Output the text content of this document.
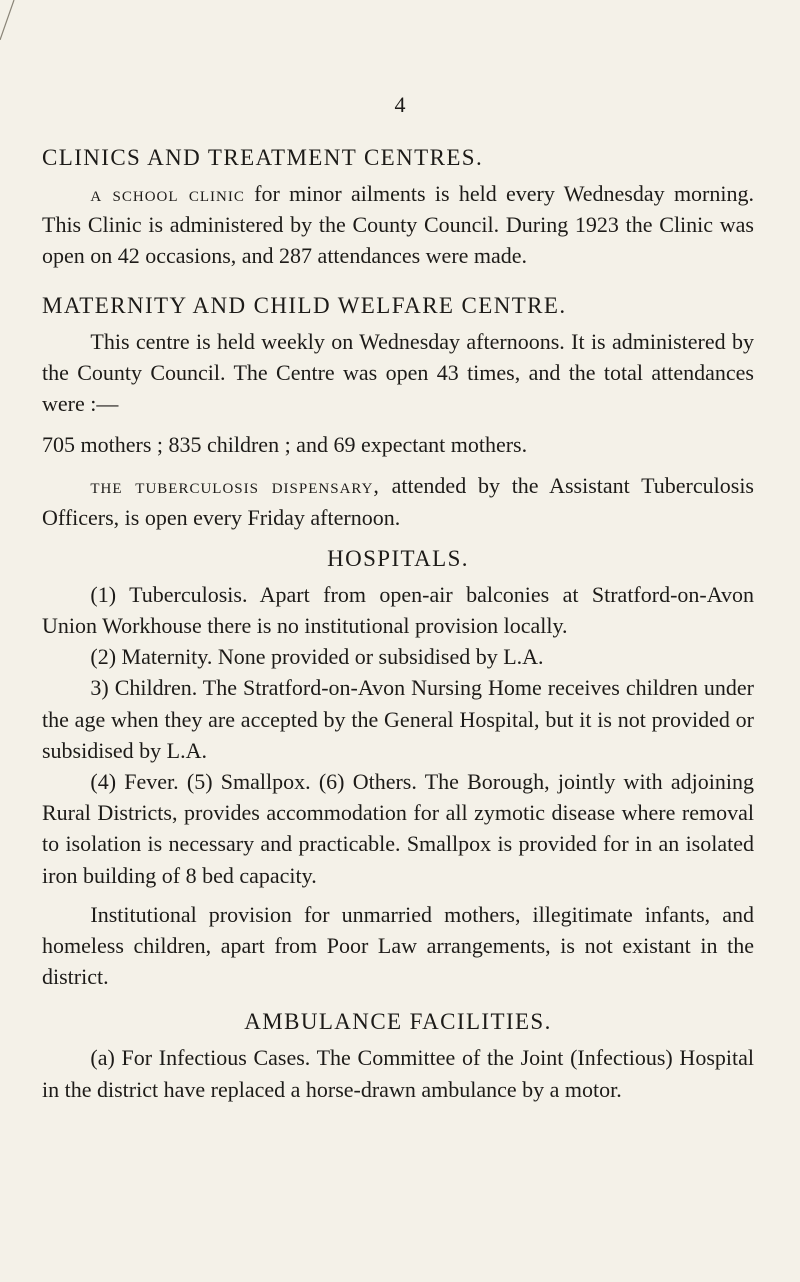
4
CLINICS AND TREATMENT CENTRES.

a school clinic for minor ailments is held every Wednesday morning. This Clinic is administered by the County Council. During 1923 the Clinic was open on 42 occasions, and 287 attendances were made.

MATERNITY AND CHILD WELFARE CENTRE.

This centre is held weekly on Wednesday afternoons. It is administered by the County Council. The Centre was open 43 times, and the total attendances were :—

705 mothers ; 835 children ; and 69 expectant mothers.

the tuberculosis dispensary, attended by the Assistant Tuberculosis Officers, is open every Friday afternoon.

HOSPITALS.

(1) Tuberculosis. Apart from open-air balconies at Stratford-on-Avon Union Workhouse there is no institutional provision locally.

(2) Maternity. None provided or subsidised by L.A.

3) Children. The Stratford-on-Avon Nursing Home receives children under the age when they are accepted by the General Hospital, but it is not provided or subsidised by L.A.

(4) Fever. (5) Smallpox. (6) Others. The Borough, jointly with adjoining Rural Districts, provides accommodation for all zymotic disease where removal to isolation is necessary and practicable. Smallpox is provided for in an isolated iron building of 8 bed capacity.

Institutional provision for unmarried mothers, illegitimate infants, and homeless children, apart from Poor Law arrangements, is not existant in the district.

AMBULANCE FACILITIES.

(a) For Infectious Cases. The Committee of the Joint (Infectious) Hospital in the district have replaced a horse-drawn ambulance by a motor.
